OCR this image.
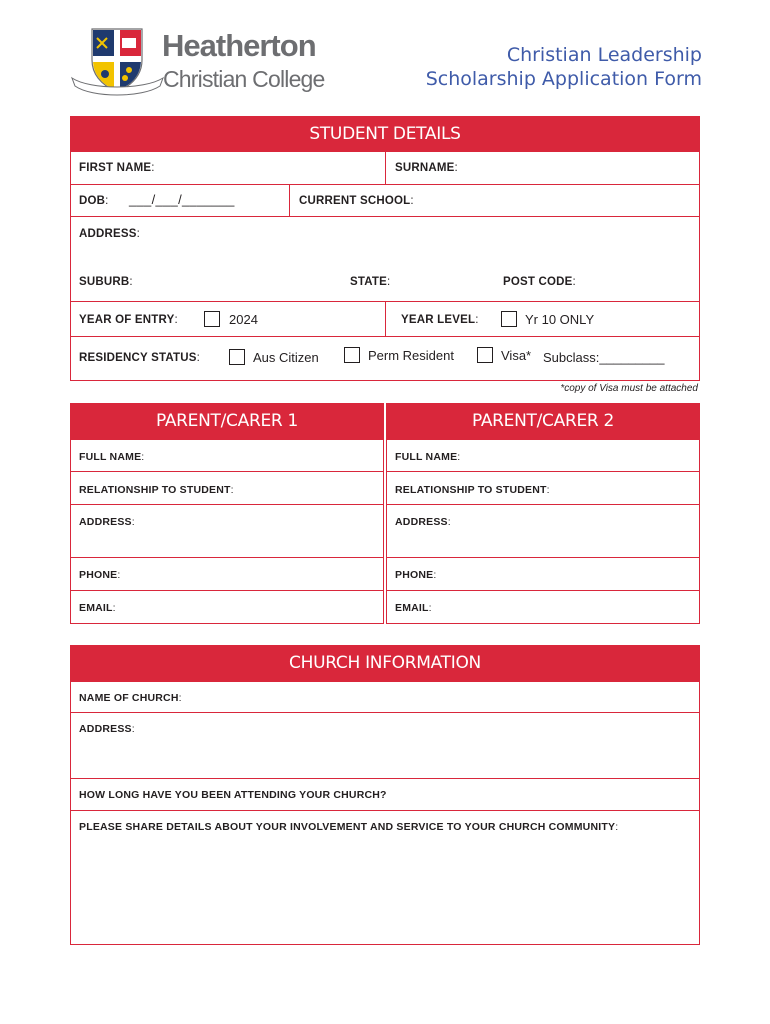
Heatherton
Christian College
Christian Leadership
Scholarship Application Form
STUDENT DETAILS
FIRST NAME:	SURNAME:
DOB: ___/___/_______	CURRENT SCHOOL:
ADDRESS:
SUBURB:	STATE:	POST CODE:
YEAR OF ENTRY:	2024	YEAR LEVEL:	Yr 10 ONLY
RESIDENCY STATUS:	Aus Citizen	Perm Resident	Visa* Subclass:_________
*copy of Visa must be attached
PARENT/CARER 1
FULL NAME:
RELATIONSHIP TO STUDENT:
ADDRESS:
PHONE:
EMAIL:
PARENT/CARER 2
FULL NAME:
RELATIONSHIP TO STUDENT:
ADDRESS:
PHONE:
EMAIL:
CHURCH INFORMATION
NAME OF CHURCH:
ADDRESS:
HOW LONG HAVE YOU BEEN ATTENDING YOUR CHURCH?
PLEASE SHARE DETAILS ABOUT YOUR INVOLVEMENT AND SERVICE TO YOUR CHURCH COMMUNITY:
